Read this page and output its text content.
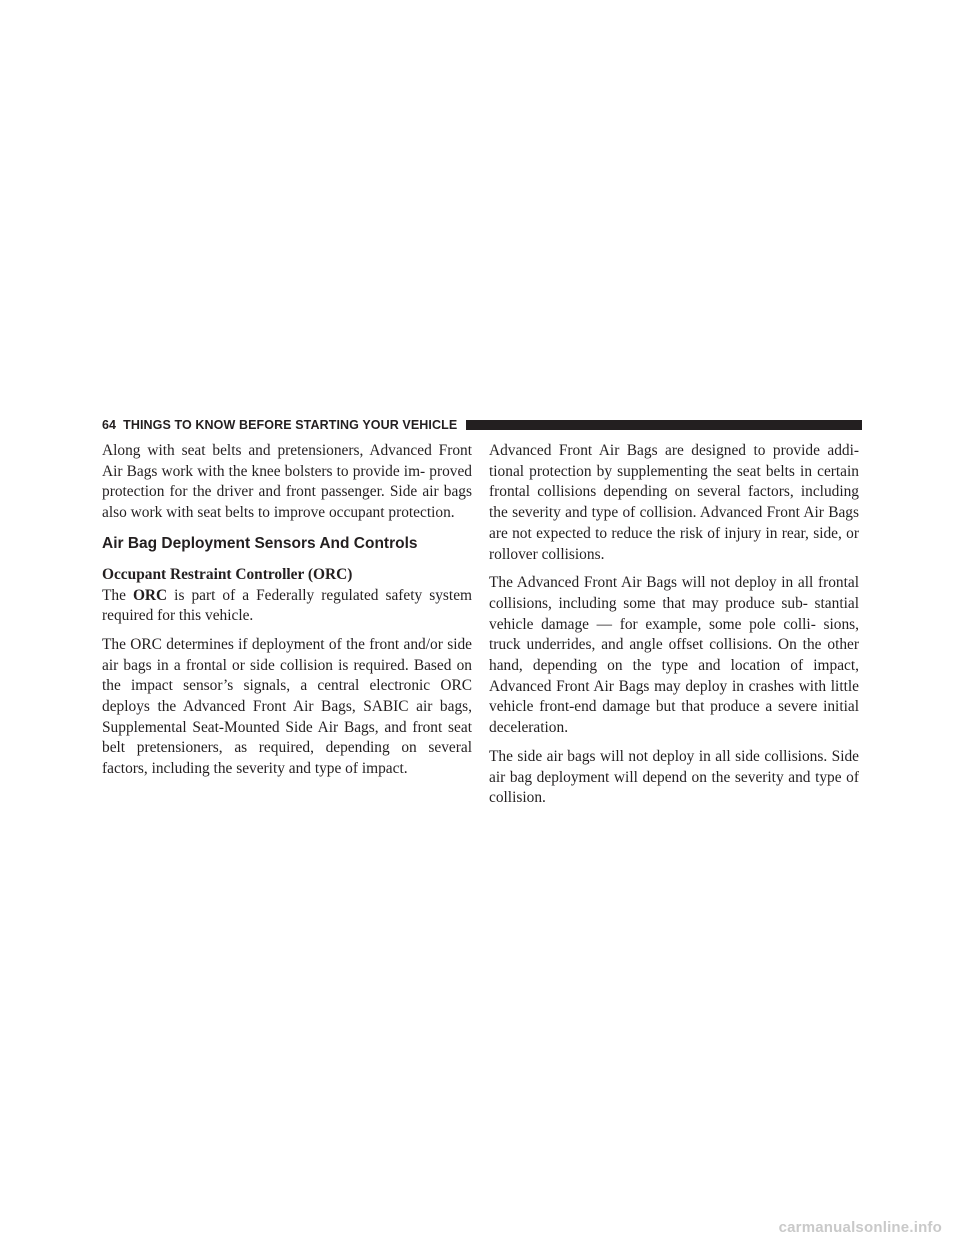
64 THINGS TO KNOW BEFORE STARTING YOUR VEHICLE

Along with seat belts and pretensioners, Advanced Front Air Bags work with the knee bolsters to provide im- proved protection for the driver and front passenger. Side air bags also work with seat belts to improve occupant protection.

Air Bag Deployment Sensors And Controls
Occupant Restraint Controller (ORC)

The ORC is part of a Federally regulated safety system required for this vehicle.

The ORC determines if deployment of the front and/or side air bags in a frontal or side collision is required. Based on the impact sensor’s signals, a central electronic ORC deploys the Advanced Front Air Bags, SABIC air bags, Supplemental Seat-Mounted Side Air Bags, and front seat belt pretensioners, as required, depending on several factors, including the severity and type of impact.

Advanced Front Air Bags are designed to provide addi- tional protection by supplementing the seat belts in certain frontal collisions depending on several factors, including the severity and type of collision. Advanced Front Air Bags are not expected to reduce the risk of injury in rear, side, or rollover collisions.

The Advanced Front Air Bags will not deploy in all frontal collisions, including some that may produce sub- stantial vehicle damage — for example, some pole colli- sions, truck underrides, and angle offset collisions. On the other hand, depending on the type and location of impact, Advanced Front Air Bags may deploy in crashes with little vehicle front-end damage but that produce a severe initial deceleration.

The side air bags will not deploy in all side collisions. Side air bag deployment will depend on the severity and type of collision.

carmanualsonline.info
